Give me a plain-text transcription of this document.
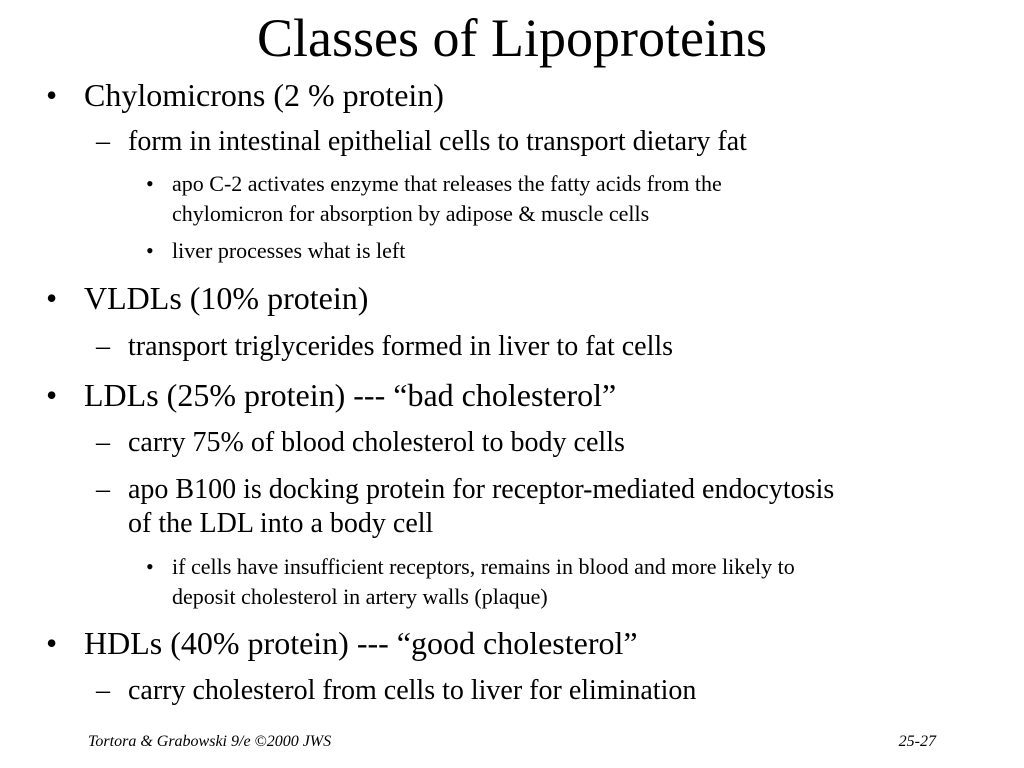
Classes of Lipoproteins
• Chylomicrons (2 % protein)
– form in intestinal epithelial cells to transport dietary fat
• apo C-2 activates enzyme that releases the fatty acids from the
chylomicron for absorption by adipose & muscle cells
• liver processes what is left
• VLDLs (10% protein)
– transport triglycerides formed in liver to fat cells
• LDLs (25% protein) --- “bad cholesterol”
– carry 75% of blood cholesterol to body cells
– apo B100 is docking protein for receptor-mediated endocytosis
of the LDL into a body cell
• if cells have insufficient receptors, remains in blood and more likely to
deposit cholesterol in artery walls (plaque)
• HDLs (40% protein) --- “good cholesterol”
– carry cholesterol from cells to liver for elimination
Tortora & Grabowski 9/e ©2000 JWS	25-27
